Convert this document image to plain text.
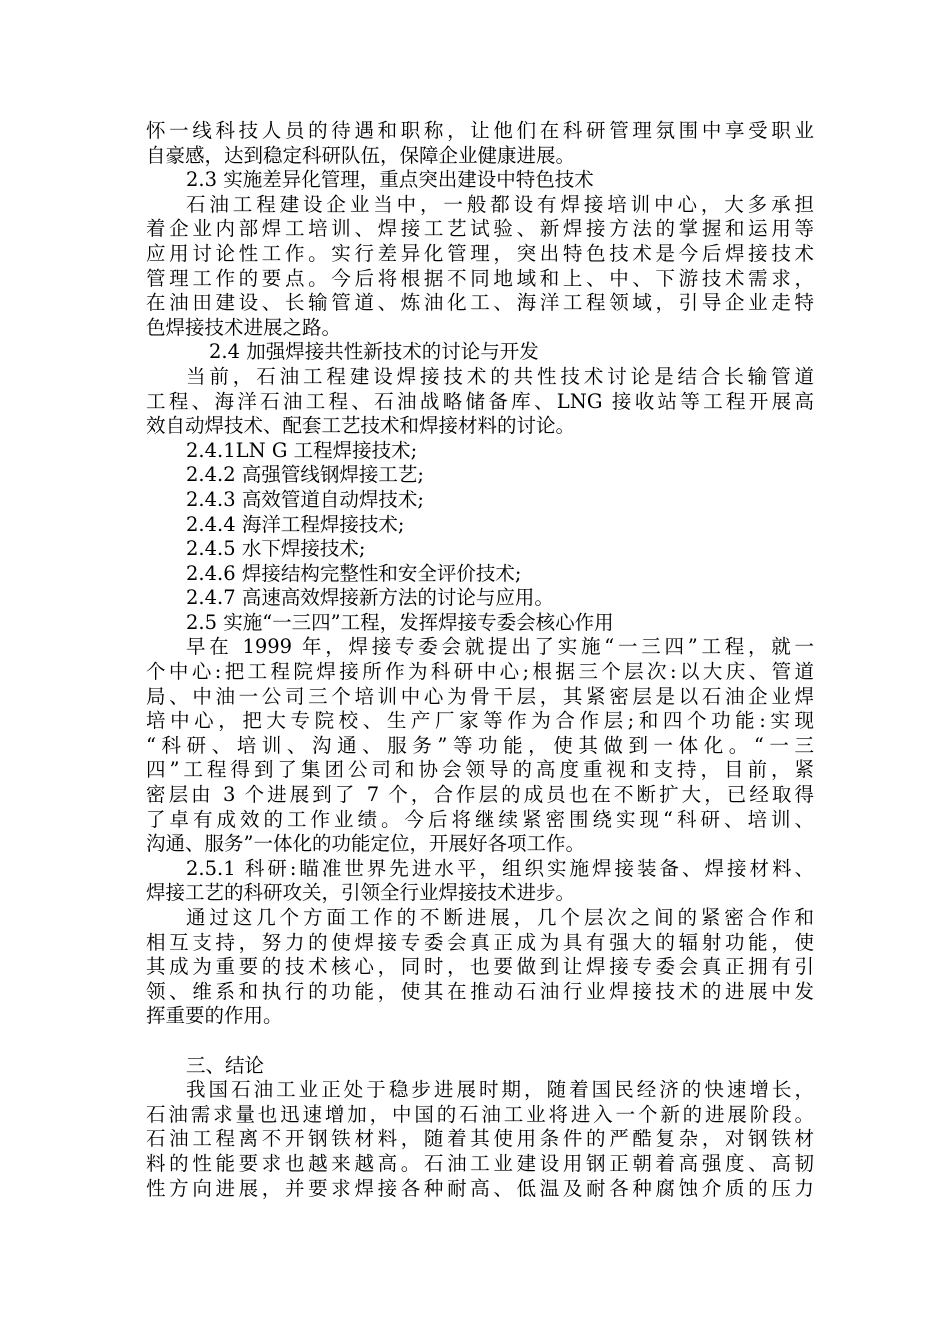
怀一线科技人员的待遇和职称，让他们在科研管理氛围中享受职业
自豪感，达到稳定科研队伍，保障企业健康进展。
2.3 实施差异化管理，重点突出建设中特色技术
石油工程建设企业当中，一般都设有焊接培训中心，大多承担
着企业内部焊工培训、焊接工艺试验、新焊接方法的掌握和运用等
应用讨论性工作。实行差异化管理，突出特色技术是今后焊接技术
管理工作的要点。今后将根据不同地域和上、中、下游技术需求，
在油田建设、长输管道、炼油化工、海洋工程领域，引导企业走特
色焊接技术进展之路。
2.4 加强焊接共性新技术的讨论与开发
当前，石油工程建设焊接技术的共性技术讨论是结合长输管道
工程、海洋石油工程、石油战略储备库、LNG 接收站等工程开展高
效自动焊技术、配套工艺技术和焊接材料的讨论。
2.4.1LN G 工程焊接技术;
2.4.2 高强管线钢焊接工艺;
2.4.3 高效管道自动焊技术;
2.4.4 海洋工程焊接技术;
2.4.5 水下焊接技术;
2.4.6 焊接结构完整性和安全评价技术;
2.4.7 高速高效焊接新方法的讨论与应用。
2.5 实施“一三四”工程，发挥焊接专委会核心作用
早在 1999 年，焊接专委会就提出了实施“一三四”工程，就一
个中心:把工程院焊接所作为科研中心;根据三个层次:以大庆、管道
局、中油一公司三个培训中心为骨干层，其紧密层是以石油企业焊
培中心，把大专院校、生产厂家等作为合作层;和四个功能:实现
“科研、培训、沟通、服务”等功能，使其做到一体化。“一三
四”工程得到了集团公司和协会领导的高度重视和支持，目前，紧
密层由 3 个进展到了 7 个，合作层的成员也在不断扩大，已经取得
了卓有成效的工作业绩。今后将继续紧密围绕实现“科研、培训、
沟通、服务”一体化的功能定位，开展好各项工作。
2.5.1 科研:瞄准世界先进水平，组织实施焊接装备、焊接材料、
焊接工艺的科研攻关，引领全行业焊接技术进步。
通过这几个方面工作的不断进展，几个层次之间的紧密合作和
相互支持，努力的使焊接专委会真正成为具有强大的辐射功能，使
其成为重要的技术核心，同时，也要做到让焊接专委会真正拥有引
领、维系和执行的功能，使其在推动石油行业焊接技术的进展中发
挥重要的作用。
三、结论
我国石油工业正处于稳步进展时期，随着国民经济的快速增长，
石油需求量也迅速增加，中国的石油工业将进入一个新的进展阶段。
石油工程离不开钢铁材料，随着其使用条件的严酷复杂，对钢铁材
料的性能要求也越来越高。石油工业建设用钢正朝着高强度、高韧
性方向进展，并要求焊接各种耐高、低温及耐各种腐蚀介质的压力
